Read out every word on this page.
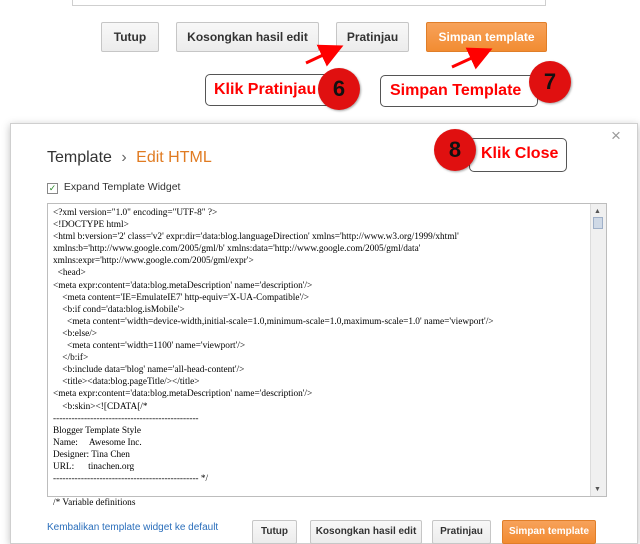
Tutup	Kosongkan hasil edit	Pratinjau	Simpan template
Klik Pratinjau 6	Simpan Template	7
Template › Edit HTML
×
✓ Expand Template Widget
<?xml version="1.0" encoding="UTF-8" ?>
<!DOCTYPE html>
<html b:version='2' class='v2' expr:dir='data:blog.languageDirection' xmlns='http://www.w3.org/1999/xhtml'
xmlns:b='http://www.google.com/2005/gml/b' xmlns:data='http://www.google.com/2005/gml/data'
xmlns:expr='http://www.google.com/2005/gml/expr'>
<head>
<meta expr:content='data:blog.metaDescription' name='description'/>
<meta content='IE=EmulateIE7' http-equiv='X-UA-Compatible'/>
<b:if cond='data:blog.isMobile'>
<meta content='width=device-width,initial-scale=1.0,minimum-scale=1.0,maximum-scale=1.0' name='viewport'/>
<b:else/>
<meta content='width=1100' name='viewport'/>
</b:if>
<b:include data='blog' name='all-head-content'/>
<title><data:blog.pageTitle/></title>
<meta expr:content='data:blog.metaDescription' name='description'/>
<b:skin><![CDATA[/*
-----------------------------------------------
Blogger Template Style
Name:     Awesome Inc.
Designer: Tina Chen
URL:      tinachen.org
----------------------------------------------- */

/* Variable definitions
▲
▼
Kembalikan template widget ke default	Tutup	Kosongkan hasil edit	Pratinjau	Simpan template
Klik Close
8
